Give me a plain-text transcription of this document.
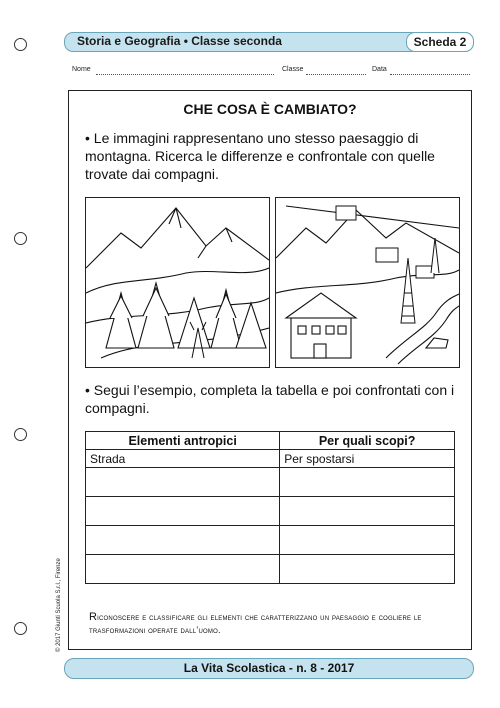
Storia e Geografia • Classe seconda	Scheda 2
Nome	Classe	Data
CHE COSA È CAMBIATO?
• Le immagini rappresentano uno stesso paesaggio di montagna. Ricerca le differenze e confrontale con quelle trovate dai compagni.
• Segui l’esempio, completa la tabella e poi confrontati con i compagni.
Elementi antropici	Per quali scopi?
Strada	Per spostarsi

Riconoscere e classificare gli elementi che caratterizzano un paesaggio e cogliere le trasformazioni operate dall’uomo.
© 2017 Giunti Scuola S.r.l., Firenze
La Vita Scolastica - n. 8 - 2017
